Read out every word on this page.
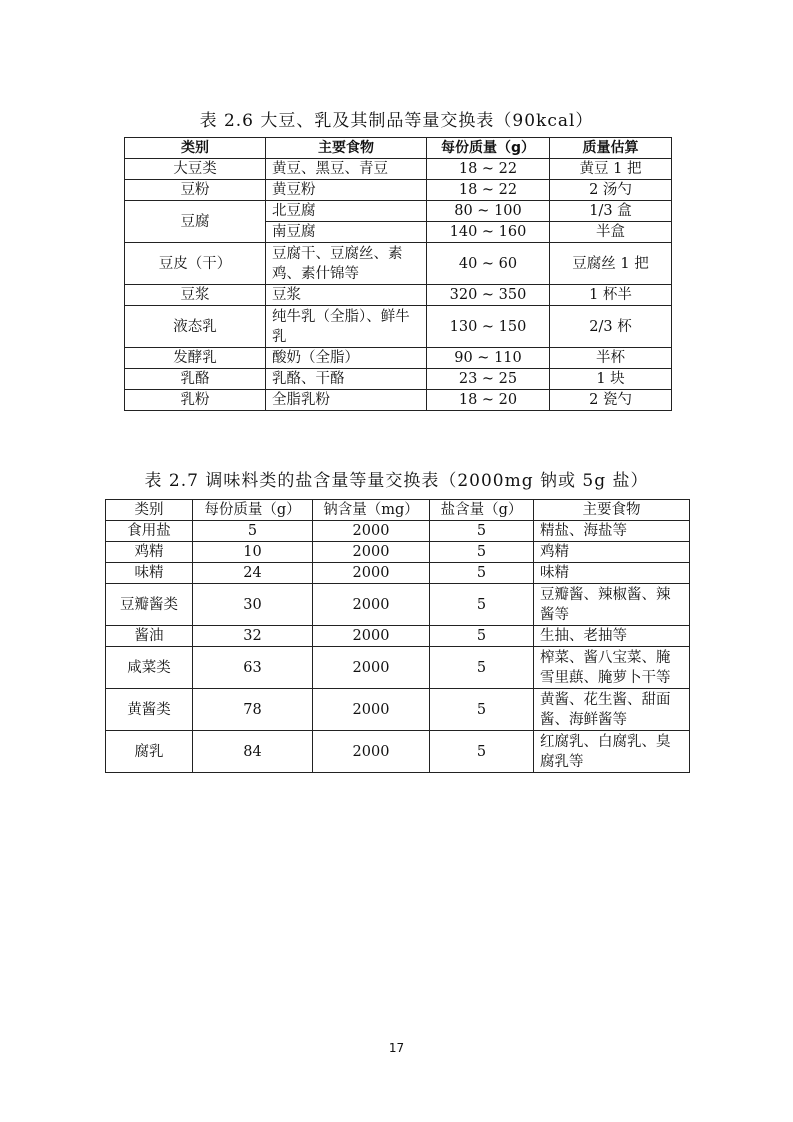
表 2.6 大豆、乳及其制品等量交换表（90kcal）
类别	主要食物	每份质量（g）	质量估算
大豆类	黄豆、黑豆、青豆	18 ~ 22	黄豆 1 把
豆粉	黄豆粉	18 ~ 22	2 汤勺
豆腐	北豆腐	80 ~ 100	1/3 盒
	南豆腐	140 ~ 160	半盒
豆皮（干）	豆腐干、豆腐丝、素鸡、素什锦等	40 ~ 60	豆腐丝 1 把
豆浆	豆浆	320 ~ 350	1 杯半
液态乳	纯牛乳（全脂）、鲜牛乳	130 ~ 150	2/3 杯
发酵乳	酸奶（全脂）	90 ~ 110	半杯
乳酪	乳酪、干酪	23 ~ 25	1 块
乳粉	全脂乳粉	18 ~ 20	2 瓷勺
表 2.7 调味料类的盐含量等量交换表（2000mg 钠或 5g 盐）
类别	每份质量（g）	钠含量（mg）	盐含量（g）	主要食物
食用盐	5	2000	5	精盐、海盐等
鸡精	10	2000	5	鸡精
味精	24	2000	5	味精
豆瓣酱类	30	2000	5	豆瓣酱、辣椒酱、辣酱等
酱油	32	2000	5	生抽、老抽等
咸菜类	63	2000	5	榨菜、酱八宝菜、腌雪里蕻、腌萝卜干等
黄酱类	78	2000	5	黄酱、花生酱、甜面酱、海鲜酱等
腐乳	84	2000	5	红腐乳、白腐乳、臭腐乳等
17
